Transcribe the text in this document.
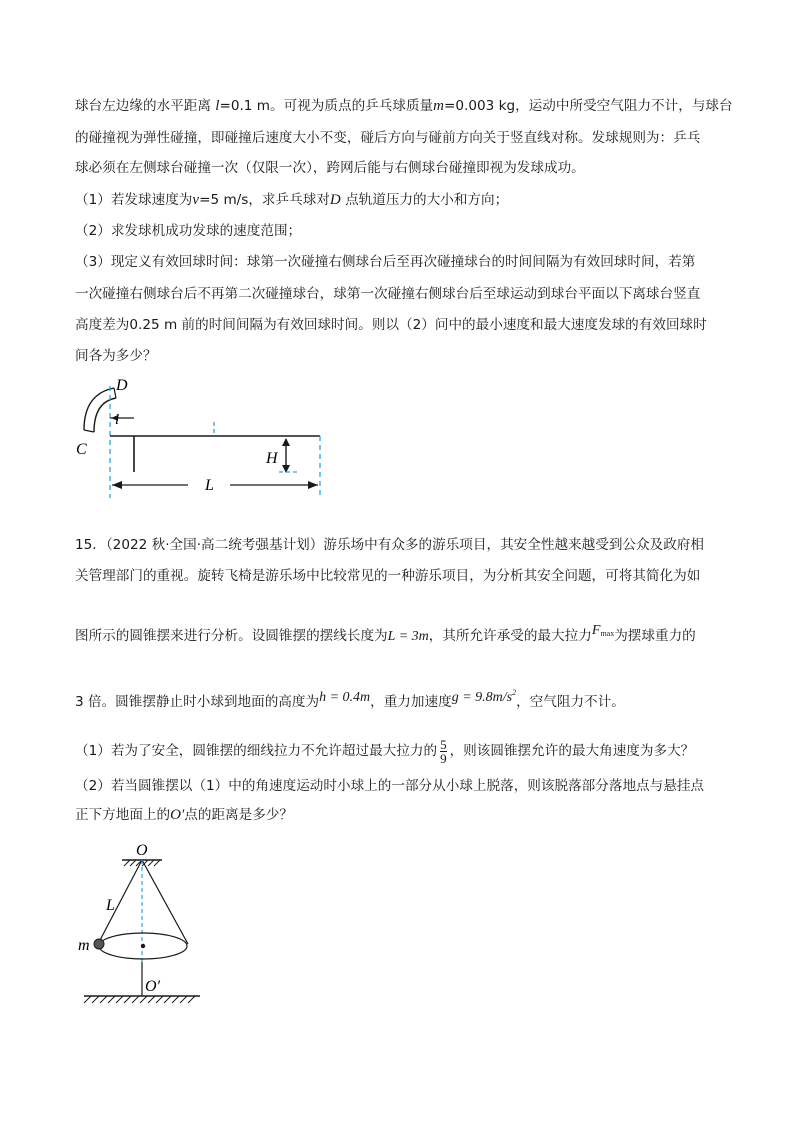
球台左边缘的水平距离 l=0.1 m。可视为质点的乒乓球质量m=0.003 kg，运动中所受空气阻力不计，与球台
的碰撞视为弹性碰撞，即碰撞后速度大小不变，碰后方向与碰前方向关于竖直线对称。发球规则为：乒乓
球必须在左侧球台碰撞一次（仅限一次），跨网后能与右侧球台碰撞即视为发球成功。
（1）若发球速度为v=5 m/s，求乒乓球对D 点轨道压力的大小和方向；
（2）求发球机成功发球的速度范围；
（3）现定义有效回球时间：球第一次碰撞右侧球台后至再次碰撞球台的时间间隔为有效回球时间，若第
一次碰撞右侧球台后不再第二次碰撞球台，球第一次碰撞右侧球台后至球运动到球台平面以下离球台竖直
高度差为0.25 m 前的时间间隔为有效回球时间。则以（2）问中的最小速度和最大速度发球的有效回球时
间各为多少？
D
l
C
H
L
15．（2022 秋·全国·高二统考强基计划）游乐场中有众多的游乐项目，其安全性越来越受到公众及政府相
关管理部门的重视。旋转飞椅是游乐场中比较常见的一种游乐项目，为分析其安全问题，可将其简化为如
图所示的圆锥摆来进行分析。设圆锥摆的摆线长度为L = 3m，其所允许承受的最大拉力$F_{max}$为摆球重力的
3 倍。圆锥摆静止时小球到地面的高度为h = 0.4m，重力加速度$g = 9.8m/s^2$，空气阻力不计。
（1）若为了安全，圆锥摆的细线拉力不允许超过最大拉力的 $\frac{5}{9}$ ，则该圆锥摆允许的最大角速度为多大？
（2）若当圆锥摆以（1）中的角速度运动时小球上的一部分从小球上脱落，则该脱落部分落地点与悬挂点
正下方地面上的O′点的距离是多少？
O
L
m
O′
